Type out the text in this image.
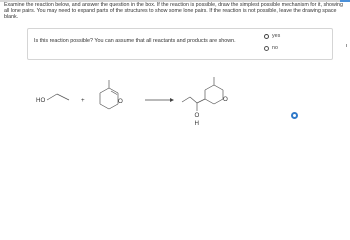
Examine the reaction below, and answer the question in the box. If the reaction is possible, draw the simplest possible mechanism for it, showing all lone pairs. You may need to expand parts of the structures to show some lone pairs. If the reaction is not possible, leave the drawing space blank.
Is this reaction possible? You can assume that all reactants and products are shown.
yes
no
HO	+	O
O
H
O
